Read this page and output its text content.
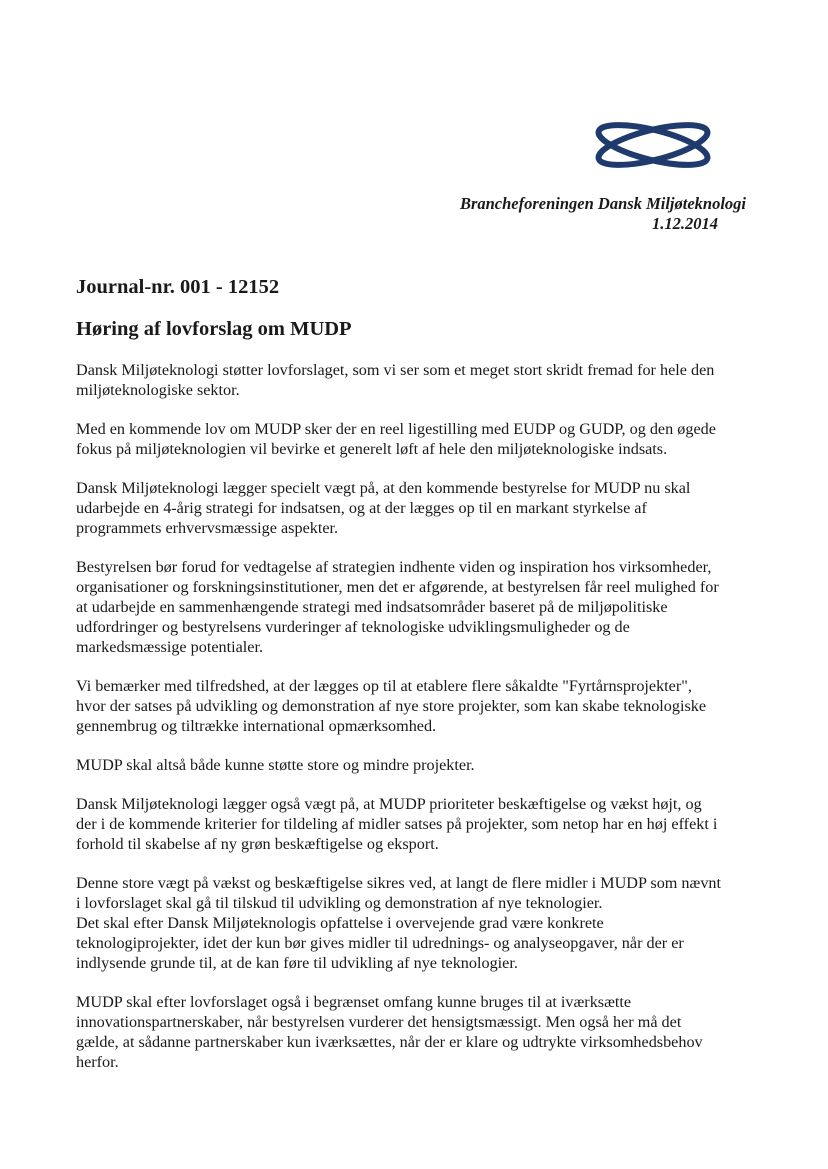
Brancheforeningen Dansk Miljøteknologi
1.12.2014
Journal-nr. 001 - 12152
Høring af lovforslag om MUDP

Dansk Miljøteknologi støtter lovforslaget, som vi ser som et meget stort skridt fremad for hele den
miljøteknologiske sektor.

Med en kommende lov om MUDP sker der en reel ligestilling med EUDP og GUDP, og den øgede
fokus på miljøteknologien vil bevirke et generelt løft af hele den miljøteknologiske indsats.

Dansk Miljøteknologi lægger specielt vægt på, at den kommende bestyrelse for MUDP nu skal
udarbejde en 4-årig strategi for indsatsen, og at der lægges op til en markant styrkelse af
programmets erhvervsmæssige aspekter.

Bestyrelsen bør forud for vedtagelse af strategien indhente viden og inspiration hos virksomheder,
organisationer og forskningsinstitutioner, men det er afgørende, at bestyrelsen får reel mulighed for
at udarbejde en sammenhængende strategi med indsatsområder baseret på de miljøpolitiske
udfordringer og bestyrelsens vurderinger af teknologiske udviklingsmuligheder og de
markedsmæssige potentialer.

Vi bemærker med tilfredshed, at der lægges op til at etablere flere såkaldte "Fyrtårnsprojekter",
hvor der satses på udvikling og demonstration af nye store projekter, som kan skabe teknologiske
gennembrug og tiltrække international opmærksomhed.

MUDP skal altså både kunne støtte store og mindre projekter.

Dansk Miljøteknologi lægger også vægt på, at MUDP prioriteter beskæftigelse og vækst højt, og
der i de kommende kriterier for tildeling af midler satses på projekter, som netop har en høj effekt i
forhold til skabelse af ny grøn beskæftigelse og eksport.

Denne store vægt på vækst og beskæftigelse sikres ved, at langt de flere midler i MUDP som nævnt
i lovforslaget skal gå til tilskud til udvikling og demonstration af nye teknologier.
Det skal efter Dansk Miljøteknologis opfattelse i overvejende grad være konkrete
teknologiprojekter, idet der kun bør gives midler til udrednings- og analyseopgaver, når der er
indlysende grunde til, at de kan føre til udvikling af nye teknologier.

MUDP skal efter lovforslaget også i begrænset omfang kunne bruges til at iværksætte
innovationspartnerskaber, når bestyrelsen vurderer det hensigtsmæssigt. Men også her må det
gælde, at sådanne partnerskaber kun iværksættes, når der er klare og udtrykte virksomhedsbehov
herfor.
